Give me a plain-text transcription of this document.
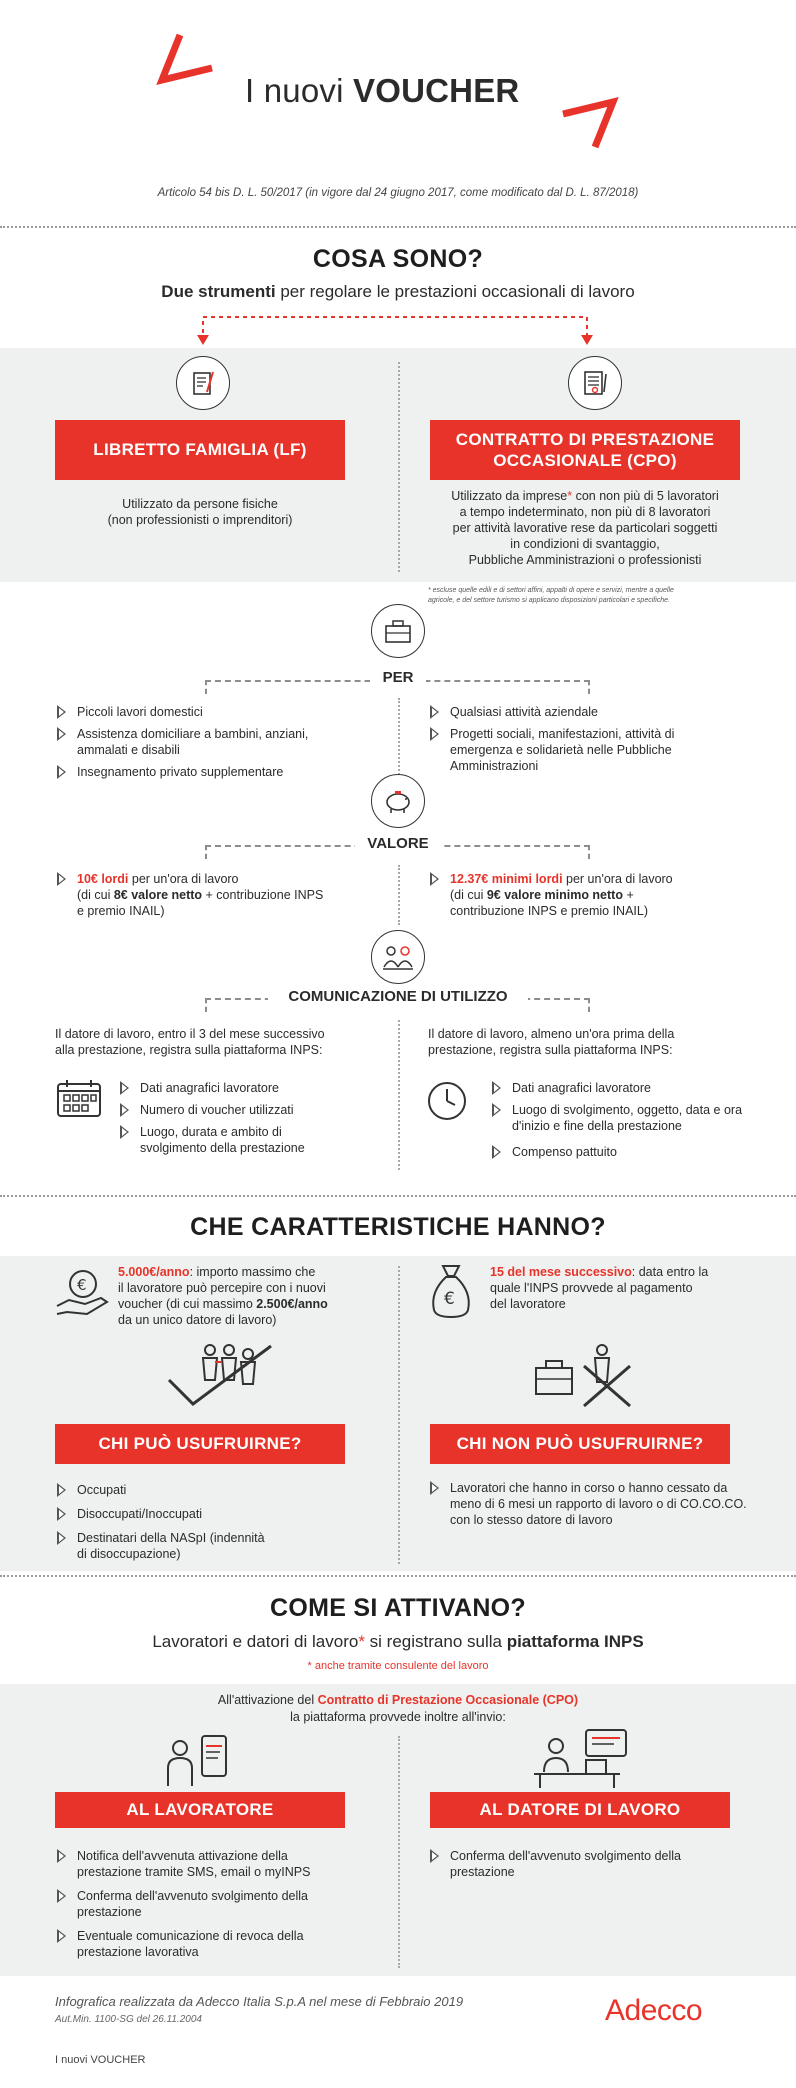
I nuovi VOUCHER
Articolo 54 bis D. L. 50/2017 (in vigore dal 24 giugno 2017, come modificato dal D. L. 87/2018)
COSA SONO?
Due strumenti per regolare le prestazioni occasionali di lavoro
LIBRETTO FAMIGLIA (LF)
CONTRATTO DI PRESTAZIONE
OCCASIONALE (CPO)
Utilizzato da persone fisiche
(non professionisti o imprenditori)
Utilizzato da imprese* con non più di 5 lavoratori
a tempo indeterminato, non più di 8 lavoratori
per attività lavorative rese da particolari soggetti
in condizioni di svantaggio,
Pubbliche Amministrazioni o professionisti
* escluse quelle edili e di settori affini, appalti di opere e servizi, mentre a quelle
agricole, e del settore turismo si applicano disposizioni particolari e specifiche.
PER
Piccoli lavori domestici
Assistenza domiciliare a bambini, anziani, ammalati e disabili
Insegnamento privato supplementare
Qualsiasi attività aziendale
Progetti sociali, manifestazioni, attività di emergenza e solidarietà nelle Pubbliche Amministrazioni
VALORE
10€ lordi per un'ora di lavoro
(di cui 8€ valore netto + contribuzione INPS
e premio INAIL)
12.37€ minimi lordi per un'ora di lavoro
(di cui 9€ valore minimo netto +
contribuzione INPS e premio INAIL)
COMUNICAZIONE DI UTILIZZO
Il datore di lavoro, entro il 3 del mese successivo
alla prestazione, registra sulla piattaforma INPS:
Il datore di lavoro, almeno un'ora prima della
prestazione, registra sulla piattaforma INPS:
Dati anagrafici lavoratore
Numero di voucher utilizzati
Luogo, durata e ambito di svolgimento della prestazione
Dati anagrafici lavoratore
Luogo di svolgimento, oggetto, data e ora d'inizio e fine della prestazione
Compenso pattuito
CHE CARATTERISTICHE HANNO?
€
5.000€/anno: importo massimo che
il lavoratore può percepire con i nuovi
voucher (di cui massimo 2.500€/anno
da un unico datore di lavoro)
€
15 del mese successivo: data entro la
quale l'INPS provvede al pagamento
del lavoratore
CHI PUÒ USUFRUIRNE?	CHI NON PUÒ USUFRUIRNE?
Occupati
Disoccupati/Inoccupati
Destinatari della NASpI (indennità di disoccupazione)
Lavoratori che hanno in corso o hanno cessato da meno di 6 mesi un rapporto di lavoro o di CO.CO.CO. con lo stesso datore di lavoro
COME SI ATTIVANO?
Lavoratori e datori di lavoro* si registrano sulla piattaforma INPS
* anche tramite consulente del lavoro
All'attivazione del Contratto di Prestazione Occasionale (CPO)
la piattaforma provvede inoltre all'invio:
AL LAVORATORE	AL DATORE DI LAVORO
Notifica dell'avvenuta attivazione della prestazione tramite SMS, email o myINPS
Conferma dell'avvenuto svolgimento della prestazione
Eventuale comunicazione di revoca della prestazione lavorativa
Conferma dell'avvenuto svolgimento della prestazione
Infografica realizzata da Adecco Italia S.p.A nel mese di Febbraio 2019
Aut.Min. 1100-SG del 26.11.2004	Adecco
I nuovi VOUCHER
